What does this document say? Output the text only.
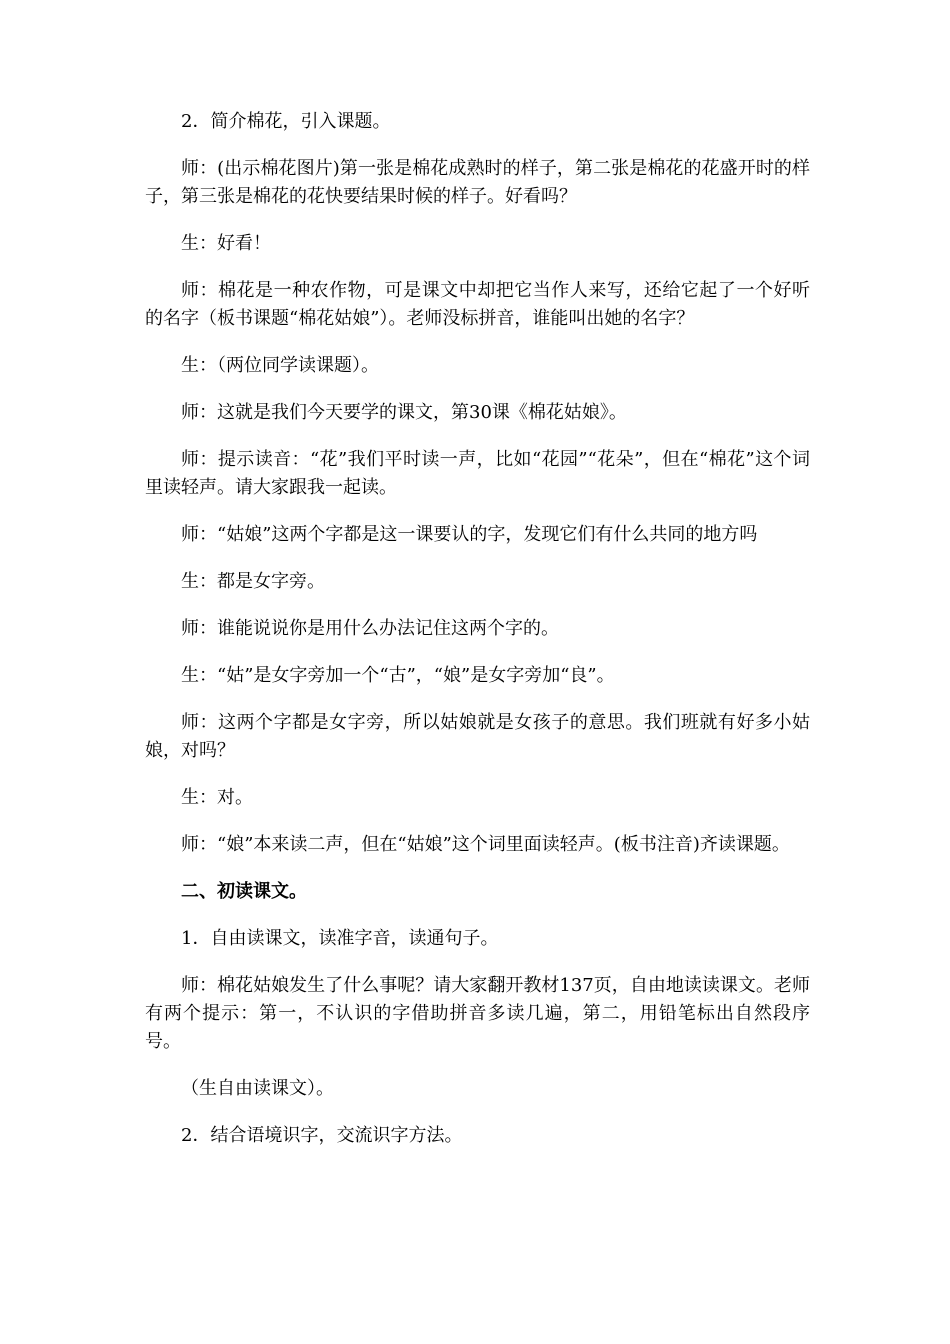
2．简介棉花，引入课题。

师：(出示棉花图片)第一张是棉花成熟时的样子，第二张是棉花的花盛开时的样子，第三张是棉花的花快要结果时候的样子。好看吗？

生：好看！

师：棉花是一种农作物，可是课文中却把它当作人来写，还给它起了一个好听的名字（板书课题“棉花姑娘”）。老师没标拼音，谁能叫出她的名字？

生：（两位同学读课题）。

师：这就是我们今天要学的课文，第30课《棉花姑娘》。

师：提示读音：“花”我们平时读一声，比如“花园”“花朵”，但在“棉花”这个词里读轻声。请大家跟我一起读。

师：“姑娘”这两个字都是这一课要认的字，发现它们有什么共同的地方吗

生：都是女字旁。

师：谁能说说你是用什么办法记住这两个字的。

生：“姑”是女字旁加一个“古”，“娘”是女字旁加“良”。

师：这两个字都是女字旁，所以姑娘就是女孩子的意思。我们班就有好多小姑娘，对吗？

生：对。

师：“娘”本来读二声，但在“姑娘”这个词里面读轻声。(板书注音)齐读课题。

二、初读课文。

1．自由读课文，读准字音，读通句子。

师：棉花姑娘发生了什么事呢？请大家翻开教材137页，自由地读读课文。老师有两个提示：第一，不认识的字借助拼音多读几遍，第二，用铅笔标出自然段序号。

（生自由读课文）。

2．结合语境识字，交流识字方法。
